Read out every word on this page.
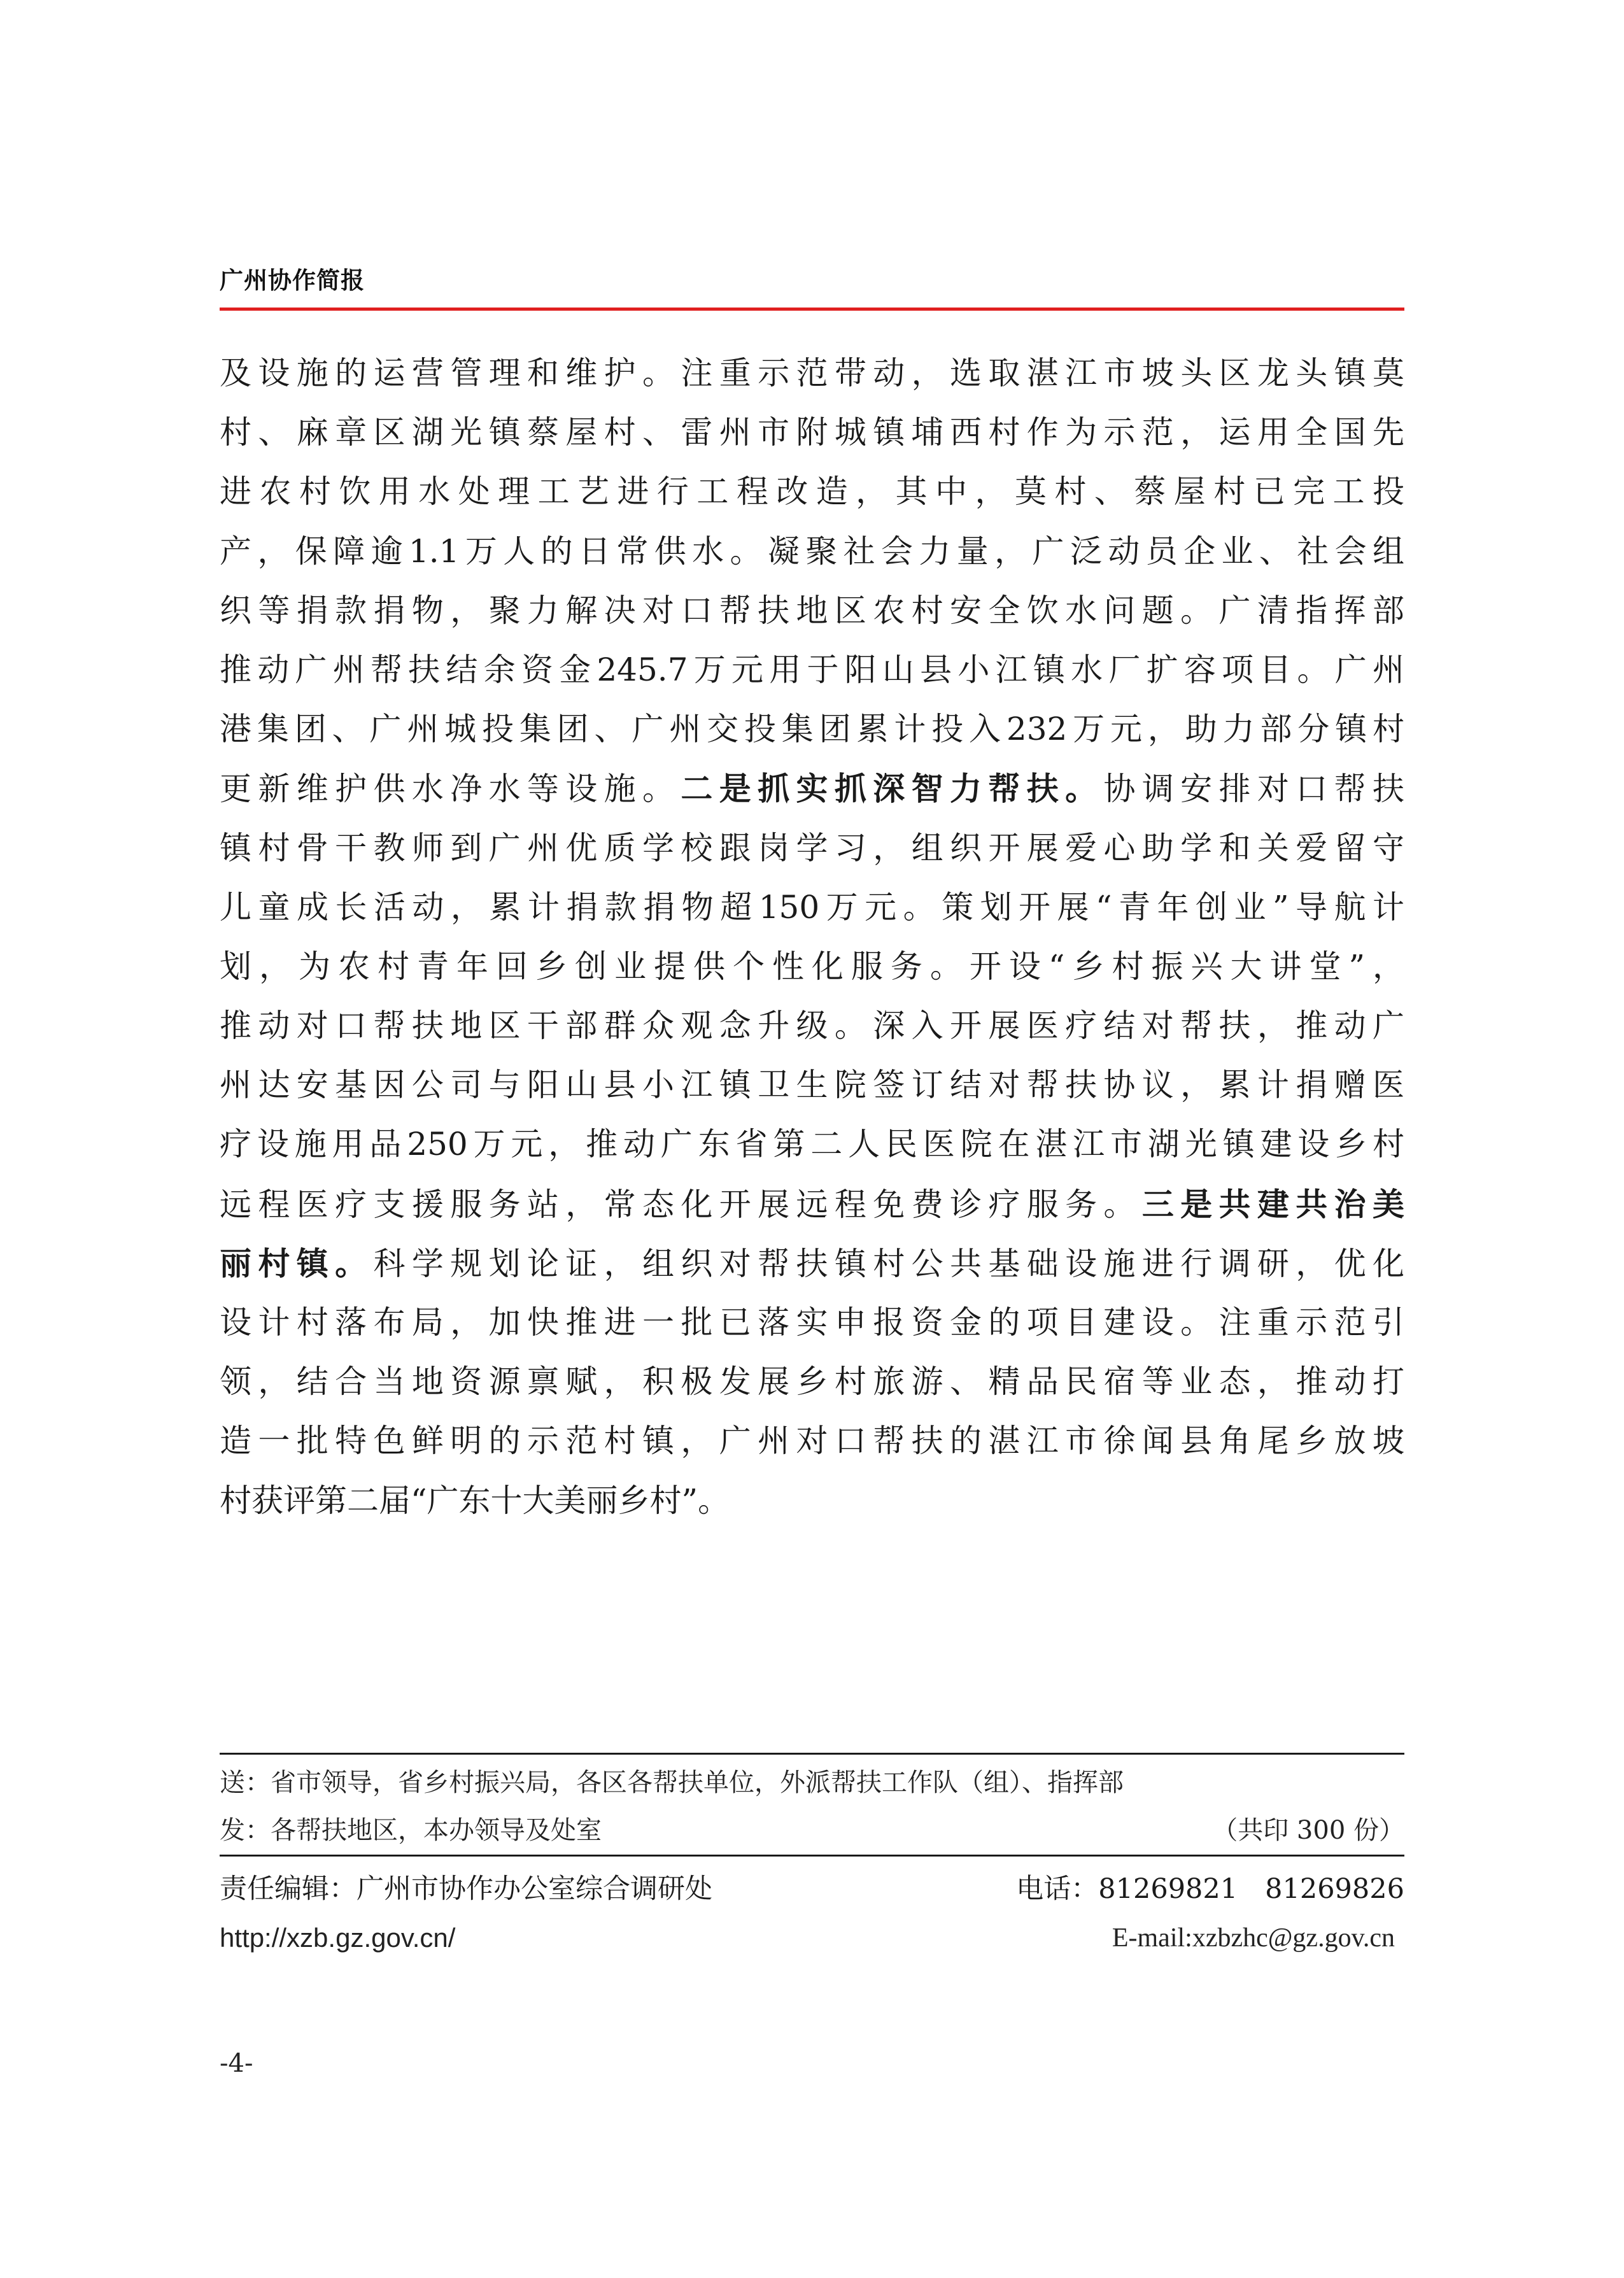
广州协作简报
及设施的运营管理和维护。注重示范带动，选取湛江市坡头区龙头镇莫
村、麻章区湖光镇蔡屋村、雷州市附城镇埔西村作为示范，运用全国先
进农村饮用水处理工艺进行工程改造，其中，莫村、蔡屋村已完工投
产，保障逾1.1万人的日常供水。凝聚社会力量，广泛动员企业、社会组
织等捐款捐物，聚力解决对口帮扶地区农村安全饮水问题。广清指挥部
推动广州帮扶结余资金245.7万元用于阳山县小江镇水厂扩容项目。广州
港集团、广州城投集团、广州交投集团累计投入232万元，助力部分镇村
更新维护供水净水等设施。二是抓实抓深智力帮扶。协调安排对口帮扶
镇村骨干教师到广州优质学校跟岗学习，组织开展爱心助学和关爱留守
儿童成长活动，累计捐款捐物超150万元。策划开展“青年创业”导航计
划，为农村青年回乡创业提供个性化服务。开设“乡村振兴大讲堂”，
推动对口帮扶地区干部群众观念升级。深入开展医疗结对帮扶，推动广
州达安基因公司与阳山县小江镇卫生院签订结对帮扶协议，累计捐赠医
疗设施用品250万元，推动广东省第二人民医院在湛江市湖光镇建设乡村
远程医疗支援服务站，常态化开展远程免费诊疗服务。三是共建共治美
丽村镇。科学规划论证，组织对帮扶镇村公共基础设施进行调研，优化
设计村落布局，加快推进一批已落实申报资金的项目建设。注重示范引
领，结合当地资源禀赋，积极发展乡村旅游、精品民宿等业态，推动打
造一批特色鲜明的示范村镇，广州对口帮扶的湛江市徐闻县角尾乡放坡
村获评第二届“广东十大美丽乡村”。
送：省市领导，省乡村振兴局，各区各帮扶单位，外派帮扶工作队（组）、指挥部
发：各帮扶地区，本办领导及处室	（共印 300 份）
责任编辑：广州市协作办公室综合调研处	电话：81269821　81269826
http://xzb.gz.gov.cn/	E-mail:xzbzhc@gz.gov.cn
-4-
